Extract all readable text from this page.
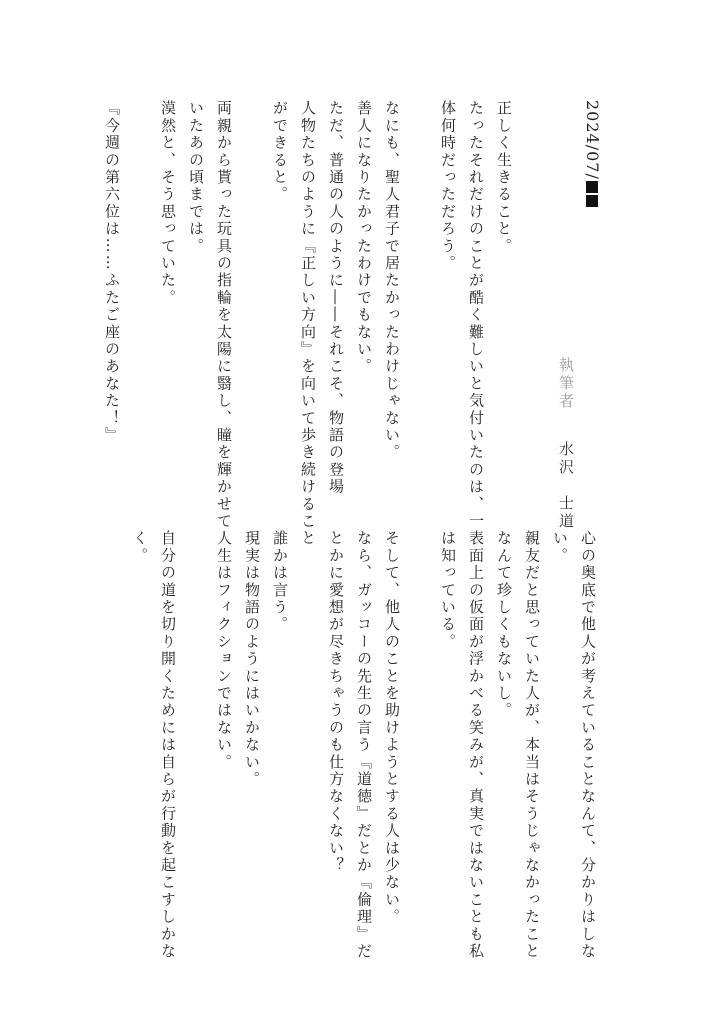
2024/07/
執筆者水沢　士道
正しく生きること。
たったそれだけのことが酷く難しいと気付いたのは、一
体何時だっただろう。
なにも、聖人君子で居たかったわけじゃない。
善人になりたかったわけでもない。
ただ、普通の人のように――それこそ、物語の登場
人物たちのように『正しい方向』を向いて歩き続けること
ができると。
両親から貰った玩具の指輪を太陽に翳し、瞳を輝かせて
いたあの頃までは。
漠然と、そう思っていた。
『今週の第六位は……ふたご座のあなた！』
心の奥底で他人が考えていることなんて、分かりはしな
い。
親友だと思っていた人が、本当はそうじゃなかったこと
なんて珍しくもないし。
表面上の仮面が浮かべる笑みが、真実ではないことも私
は知っている。
そして、他人のことを助けようとする人は少ない。
なら、ガッコーの先生の言う『道徳』だとか『倫理』だ
とかに愛想が尽きちゃうのも仕方なくない？
誰かは言う。
現実は物語のようにはいかない。
人生はフィクションではない。
自分の道を切り開くためには自らが行動を起こすしかな
く。
